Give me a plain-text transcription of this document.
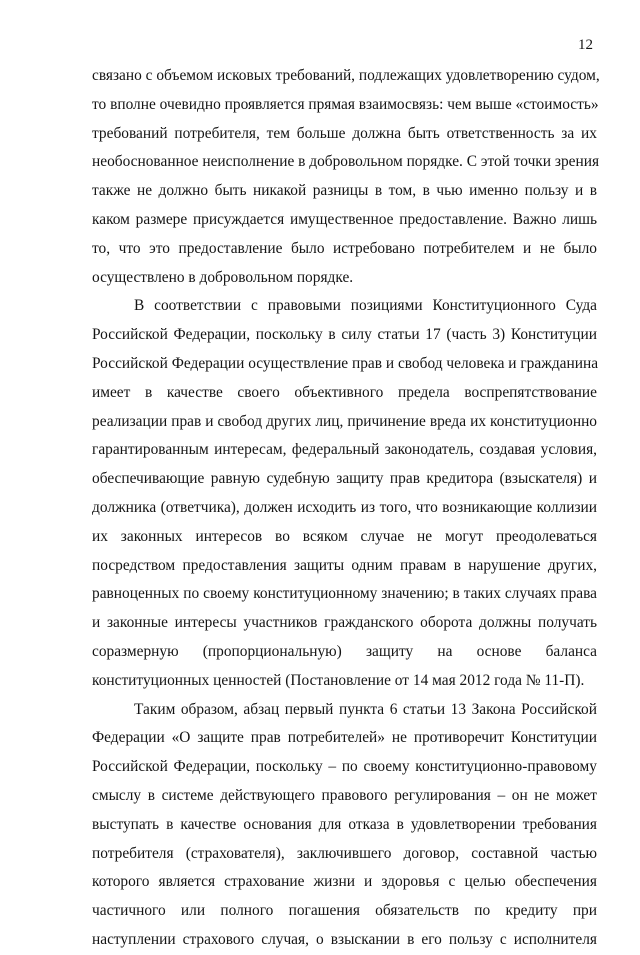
12
связано с объемом исковых требований, подлежащих удовлетворению судом,
то вполне очевидно проявляется прямая взаимосвязь: чем выше «стоимость»
требований потребителя, тем больше должна быть ответственность за их
необоснованное неисполнение в добровольном порядке. С этой точки зрения
также не должно быть никакой разницы в том, в чью именно пользу и в
каком размере присуждается имущественное предоставление. Важно лишь
то, что это предоставление было истребовано потребителем и не было
осуществлено в добровольном порядке.
В соответствии с правовыми позициями Конституционного Суда
Российской Федерации, поскольку в силу статьи 17 (часть 3) Конституции
Российской Федерации осуществление прав и свобод человека и гражданина
имеет в качестве своего объективного предела воспрепятствование
реализации прав и свобод других лиц, причинение вреда их конституционно
гарантированным интересам, федеральный законодатель, создавая условия,
обеспечивающие равную судебную защиту прав кредитора (взыскателя) и
должника (ответчика), должен исходить из того, что возникающие коллизии
их законных интересов во всяком случае не могут преодолеваться
посредством предоставления защиты одним правам в нарушение других,
равноценных по своему конституционному значению; в таких случаях права
и законные интересы участников гражданского оборота должны получать
соразмерную (пропорциональную) защиту на основе баланса
конституционных ценностей (Постановление от 14 мая 2012 года № 11-П).
Таким образом, абзац первый пункта 6 статьи 13 Закона Российской
Федерации «О защите прав потребителей» не противоречит Конституции
Российской Федерации, поскольку – по своему конституционно-правовому
смыслу в системе действующего правового регулирования – он не может
выступать в качестве основания для отказа в удовлетворении требования
потребителя (страхователя), заключившего договор, составной частью
которого является страхование жизни и здоровья с целью обеспечения
частичного или полного погашения обязательств по кредиту при
наступлении страхового случая, о взыскании в его пользу с исполнителя
